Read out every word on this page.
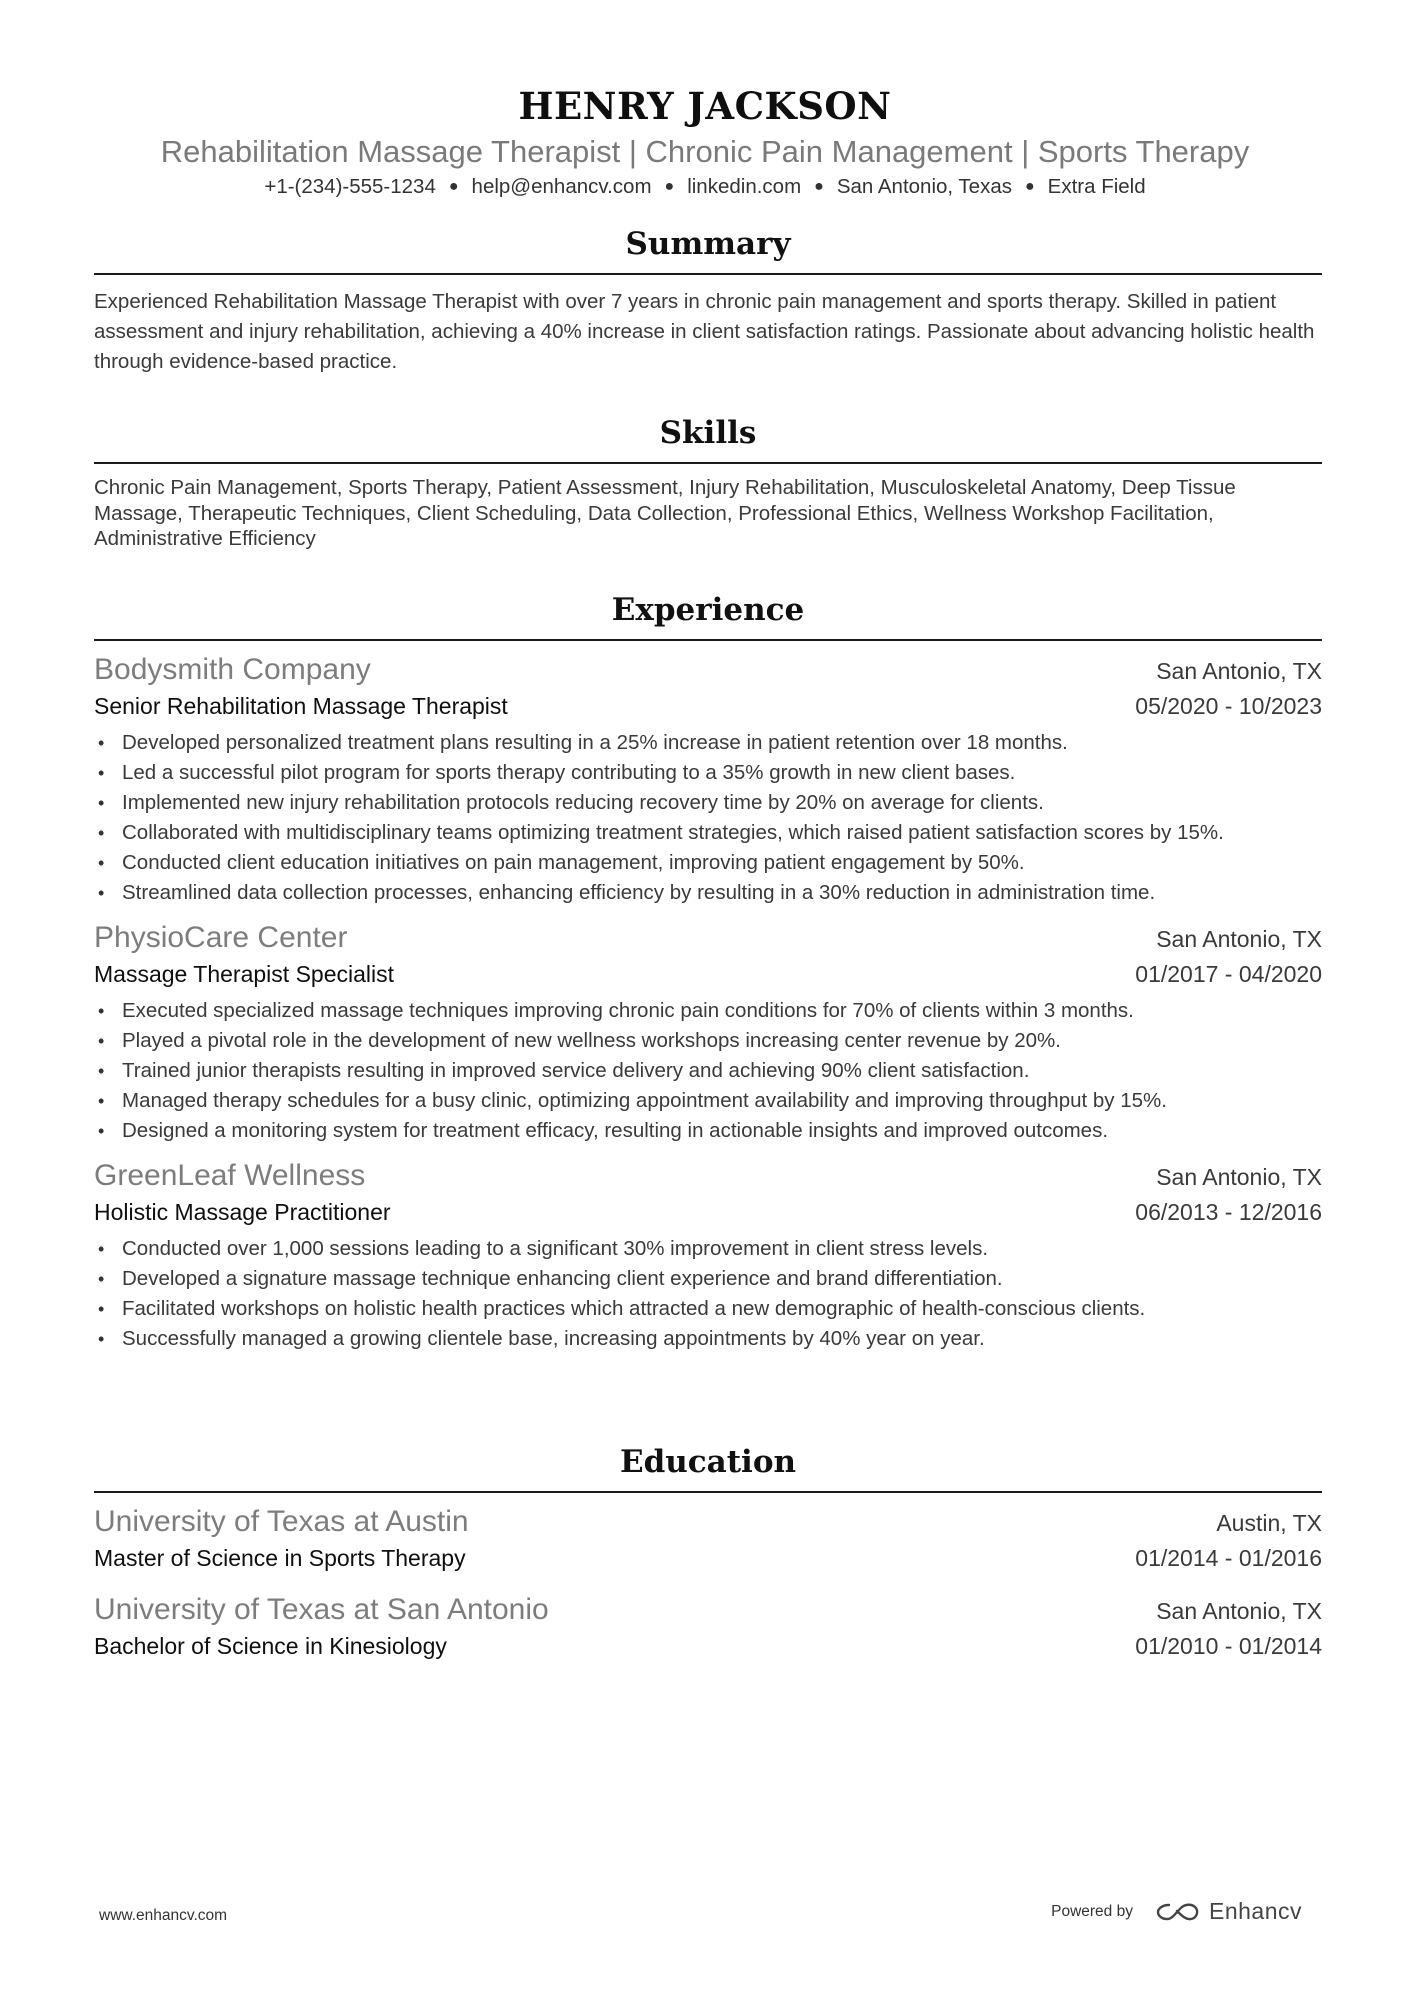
HENRY JACKSON
Rehabilitation Massage Therapist | Chronic Pain Management | Sports Therapy
+1-(234)-555-1234 ● help@enhancv.com ● linkedin.com ● San Antonio, Texas ● Extra Field
Summary
Experienced Rehabilitation Massage Therapist with over 7 years in chronic pain management and sports therapy. Skilled in patient assessment and injury rehabilitation, achieving a 40% increase in client satisfaction ratings. Passionate about advancing holistic health through evidence-based practice.
Skills
Chronic Pain Management, Sports Therapy, Patient Assessment, Injury Rehabilitation, Musculoskeletal Anatomy, Deep Tissue Massage, Therapeutic Techniques, Client Scheduling, Data Collection, Professional Ethics, Wellness Workshop Facilitation, Administrative Efficiency
Experience
Bodysmith Company	San Antonio, TX
Senior Rehabilitation Massage Therapist	05/2020 - 10/2023
• Developed personalized treatment plans resulting in a 25% increase in patient retention over 18 months.
• Led a successful pilot program for sports therapy contributing to a 35% growth in new client bases.
• Implemented new injury rehabilitation protocols reducing recovery time by 20% on average for clients.
• Collaborated with multidisciplinary teams optimizing treatment strategies, which raised patient satisfaction scores by 15%.
• Conducted client education initiatives on pain management, improving patient engagement by 50%.
• Streamlined data collection processes, enhancing efficiency by resulting in a 30% reduction in administration time.
PhysioCare Center	San Antonio, TX
Massage Therapist Specialist	01/2017 - 04/2020
• Executed specialized massage techniques improving chronic pain conditions for 70% of clients within 3 months.
• Played a pivotal role in the development of new wellness workshops increasing center revenue by 20%.
• Trained junior therapists resulting in improved service delivery and achieving 90% client satisfaction.
• Managed therapy schedules for a busy clinic, optimizing appointment availability and improving throughput by 15%.
• Designed a monitoring system for treatment efficacy, resulting in actionable insights and improved outcomes.
GreenLeaf Wellness	San Antonio, TX
Holistic Massage Practitioner	06/2013 - 12/2016
• Conducted over 1,000 sessions leading to a significant 30% improvement in client stress levels.
• Developed a signature massage technique enhancing client experience and brand differentiation.
• Facilitated workshops on holistic health practices which attracted a new demographic of health-conscious clients.
• Successfully managed a growing clientele base, increasing appointments by 40% year on year.
Education
University of Texas at Austin	Austin, TX
Master of Science in Sports Therapy	01/2014 - 01/2016
University of Texas at San Antonio	San Antonio, TX
Bachelor of Science in Kinesiology	01/2010 - 01/2014
www.enhancv.com	Powered by	Enhancv
